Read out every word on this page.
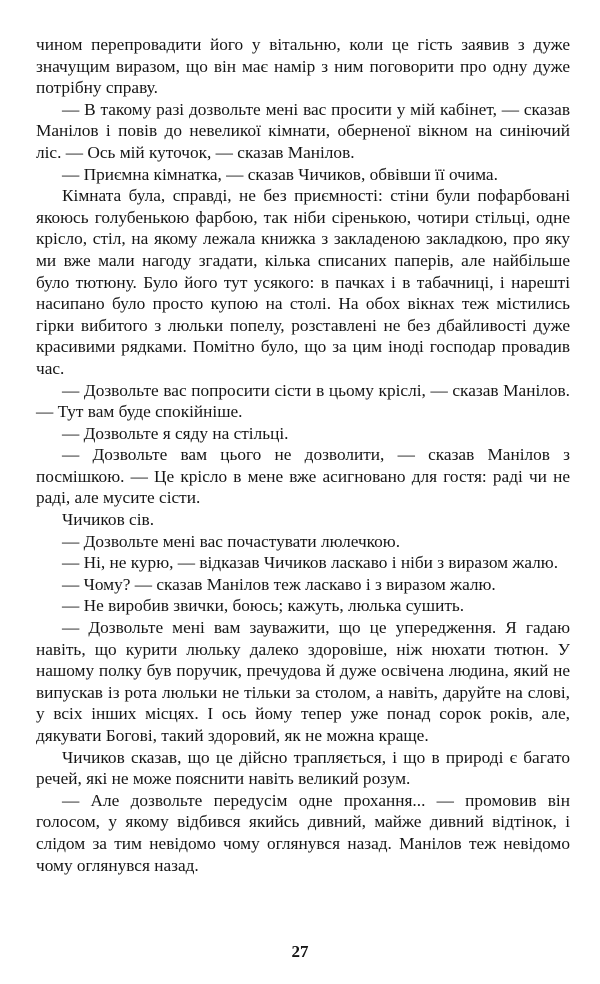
чином перепровадити його у вітальню, коли це гість заявив з дуже значущим виразом, що він має намір з ним поговорити про одну дуже потрібну справу.

— В такому разі дозвольте мені вас просити у мій кабінет, — сказав Манілов і повів до невеликої кімнати, оберненої вікном на синіючий ліс. — Ось мій куточок, — сказав Манілов.

— Приємна кімнатка, — сказав Чичиков, обвівши її очима.

Кімната була, справді, не без приємності: стіни були пофарбовані якоюсь голубенькою фарбою, так ніби сіренькою, чотири стільці, одне крісло, стіл, на якому лежала книжка з закладеною закладкою, про яку ми вже мали нагоду згадати, кілька списаних паперів, але найбільше було тютюну. Було його тут усякого: в пачках і в табачниці, і нарешті насипано було просто купою на столі. На обох вікнах теж містились гірки вибитого з люльки попелу, розставлені не без дбайливості дуже красивими рядками. Помітно було, що за цим іноді господар провадив час.

— Дозвольте вас попросити сісти в цьому кріслі, — сказав Манілов. — Тут вам буде спокійніше.

— Дозвольте я сяду на стільці.

— Дозвольте вам цього не дозволити, — сказав Манілов з посмішкою. — Це крісло в мене вже асигновано для гостя: раді чи не раді, але мусите сісти.

Чичиков сів.

— Дозвольте мені вас почастувати люлечкою.

— Ні, не курю, — відказав Чичиков ласкаво і ніби з виразом жалю.

— Чому? — сказав Манілов теж ласкаво і з виразом жалю.

— Не виробив звички, боюсь; кажуть, люлька сушить.

— Дозвольте мені вам зауважити, що це упередження. Я гадаю навіть, що курити люльку далеко здоровіше, ніж нюхати тютюн. У нашому полку був поручик, пречудова й дуже освічена людина, який не випускав із рота люльки не тільки за столом, а навіть, даруйте на слові, у всіх інших місцях. І ось йому тепер уже понад сорок років, але, дякувати Богові, такий здоровий, як не можна краще.

Чичиков сказав, що це дійсно трапляється, і що в природі є багато речей, які не може пояснити навіть великий розум.

— Але дозвольте передусім одне прохання... — промовив він голосом, у якому відбився якийсь дивний, майже дивний відтінок, і слідом за тим невідомо чому оглянувся назад. Манілов теж невідомо чому оглянувся назад.

27
